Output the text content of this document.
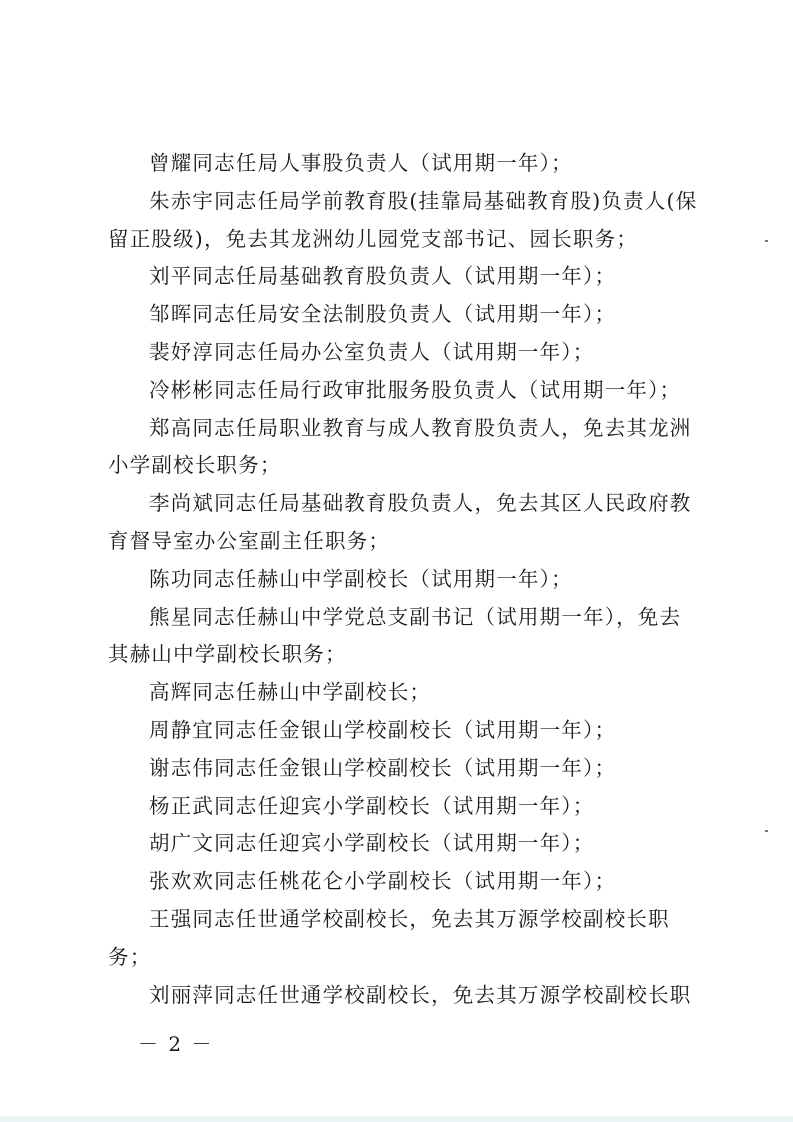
曾耀同志任局人事股负责人（试用期一年）；

朱赤宇同志任局学前教育股(挂靠局基础教育股)负责人(保留正股级)，免去其龙洲幼儿园党支部书记、园长职务；

刘平同志任局基础教育股负责人（试用期一年）；

邹晖同志任局安全法制股负责人（试用期一年）；

裴妤淳同志任局办公室负责人（试用期一年）；

冷彬彬同志任局行政审批服务股负责人（试用期一年）；

郑高同志任局职业教育与成人教育股负责人，免去其龙洲小学副校长职务；

李尚斌同志任局基础教育股负责人，免去其区人民政府教育督导室办公室副主任职务；

陈功同志任赫山中学副校长（试用期一年）；

熊星同志任赫山中学党总支副书记（试用期一年），免去其赫山中学副校长职务；

高辉同志任赫山中学副校长；

周静宜同志任金银山学校副校长（试用期一年）；

谢志伟同志任金银山学校副校长（试用期一年）；

杨正武同志任迎宾小学副校长（试用期一年）；

胡广文同志任迎宾小学副校长（试用期一年）；

张欢欢同志任桃花仑小学副校长（试用期一年）；

王强同志任世通学校副校长，免去其万源学校副校长职务；

刘丽萍同志任世通学校副校长，免去其万源学校副校长职

－ 2 －
